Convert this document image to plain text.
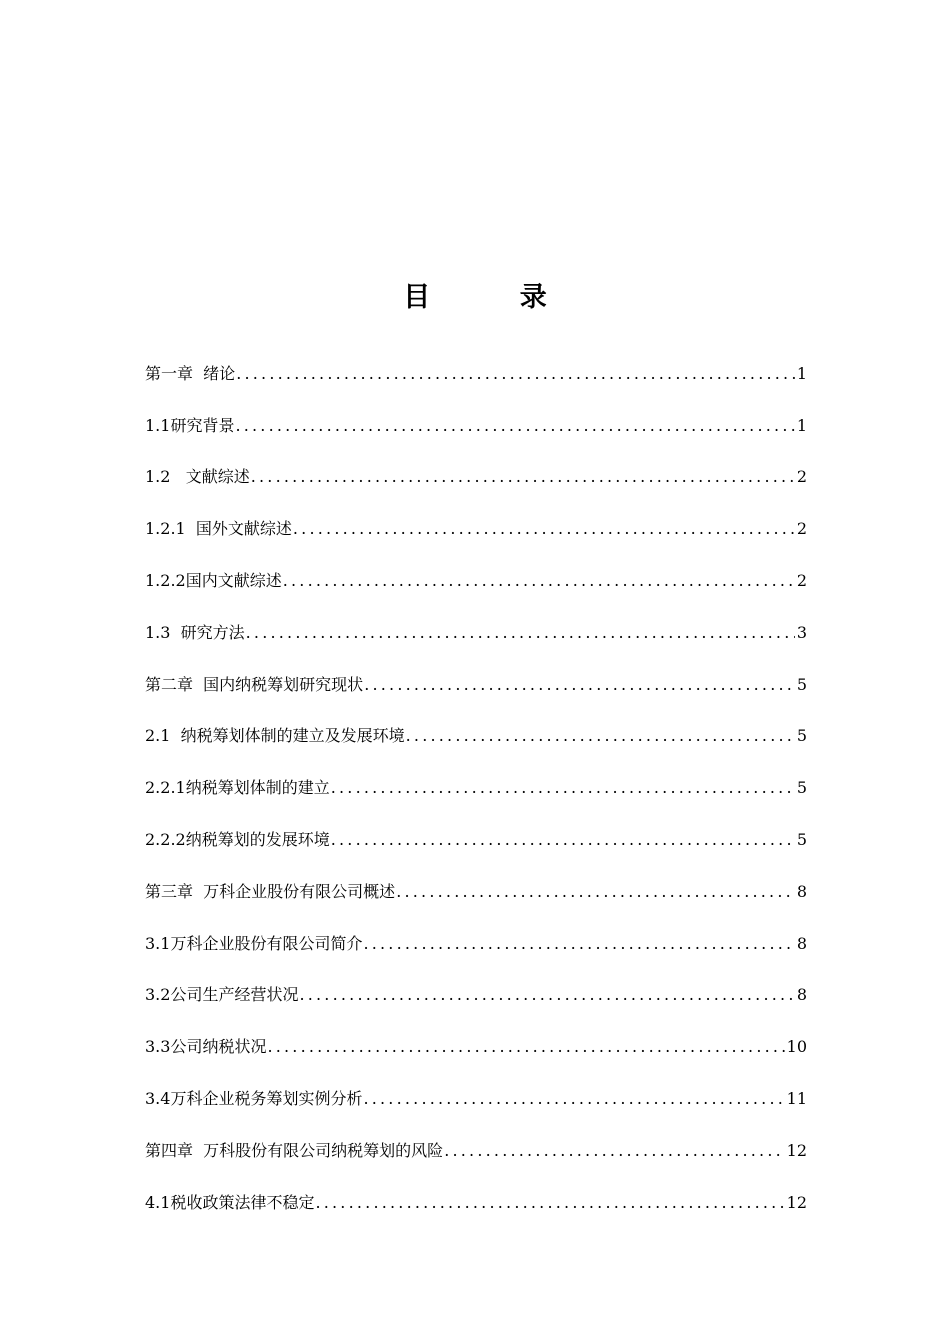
目 录
第一章  绪论 .....	1
1.1研究背景 .....	1
1.2   文献综述 .....	2
1.2.1  国外文献综述 .....	2
1.2.2国内文献综述 .....	2
1.3  研究方法 .....	3
第二章  国内纳税筹划研究现状 .....	5
2.1  纳税筹划体制的建立及发展环境 .....	5
2.2.1纳税筹划体制的建立 .....	5
2.2.2纳税筹划的发展环境 .....	5
第三章  万科企业股份有限公司概述 .....	8
3.1万科企业股份有限公司简介 .....	8
3.2公司生产经营状况 .....	8
3.3公司纳税状况 .....	10
3.4万科企业税务筹划实例分析 .....	11
第四章  万科股份有限公司纳税筹划的风险 .....	12
4.1税收政策法律不稳定 .....	12
